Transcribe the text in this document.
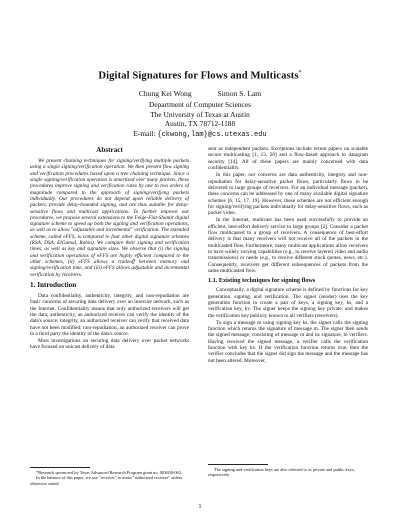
Digital Signatures for Flows and Multicasts*
Chung Kei Wong	Simon S. Lam
Department of Computer Sciences
The University of Texas at Austin
Austin, TX 78712-1188
E-mail: {ckwong,lam}@cs.utexas.edu
Abstract

We present chaining techniques for signing/verifying multiple packets using a single signing/verification operation. We then present flow signing and verification procedures based upon a tree chaining technique. Since a single signing/verification operation is amortized over many packets, these procedures improve signing and verification rates by one to two orders of magnitude compared to the approach of signing/verifying packets individually. Our procedures do not depend upon reliable delivery of packets, provide delay-bounded signing, and are thus suitable for delay-sensitive flows and multicast applications. To further improve our procedures, we propose several extensions to the Feige-Fiat-Shamir digital signature scheme to speed up both the signing and verification operations, as well as to allow "adjustable and incremental" verification. The extended scheme, called eFFS, is compared to four other digital signature schemes (RSA, DSA, ElGamal, Rabin). We compare their signing and verification times, as well as key and signature sizes. We observe that (i) the signing and verification operations of eFFS are highly efficient compared to the other schemes, (ii) eFFS allows a tradeoff between memory and signing/verification time, and (iii) eFFS allows adjustable and incremental verification by receivers.

1. Introduction

Data confidentiality, authenticity, integrity, and non-repudiation are basic concerns of securing data delivery over an insecure network, such as the Internet. Confidentiality means that only authorized receivers will get the data; authenticity, an authorized receiver can verify the identity of the data's source; integrity, an authorized receiver can verify that received data have not been modified; non-repudiation, an authorized receiver can prove to a third party the identity of the data's source.

Most investigations on securing data delivery over packet networks have focused on unicast delivery of data

sent as independent packets. Exceptions include recent papers on scalable secure multicasting [1, 13, 20] and a flow-based approach to datagram security [14]. All of these papers are mainly concerned with data confidentiality.

In this paper, our concerns are data authenticity, integrity and non-repudiation for delay-sensitive packet flows, particularly flows to be delivered to large groups of receivers. For an individual message (packet), these concerns can be addressed by one of many available digital signature schemes [6, 15, 17, 19]. However, these schemes are not efficient enough for signing/verifying packets individually for delay-sensitive flows, such as packet video.

In the Internet, multicast has been used successfully to provide an efficient, best-effort delivery service to large groups [2]. Consider a packet flow multicasted to a group of receivers. A consequence of best-effort delivery is that many receivers will not receive all of the packets in the multicasted flow. Furthermore, many multicast applications allow receivers to have widely varying capabilities (e.g., to receive layered video and audio transmissions) or needs (e.g., to receive different stock quotes, news, etc.). Consequently, receivers get different subsequences of packets from the same multicasted flow.

1.1. Existing techniques for signing flows

Conceptually, a digital signature scheme is defined by functions for key generation, signing, and verification. The signer (sender) uses the key generation function to create a pair of keys, a signing key, ks, and a verification key, kv. The signer keeps the signing key private, and makes the verification key publicly known to all verifiers (receivers).

To sign a message m using signing key ks, the signer calls the signing function which returns the signature of message m. The signer then sends the signed message, consisting of message m and its signature, to verifiers. Having received the signed message, a verifier calls the verification function with key kv. If the verification function returns true, then the verifier concludes that the signer did sign the message and the message has not been altered. Moreover,

*Research sponsored by Texas Advanced Research Program grant no. 003658-063.
In the balance of this paper, we use "receiver" to mean "authorized receiver" unless otherwise stated.
The signing and verification keys are also referred to as private and public keys, respectively.
1
